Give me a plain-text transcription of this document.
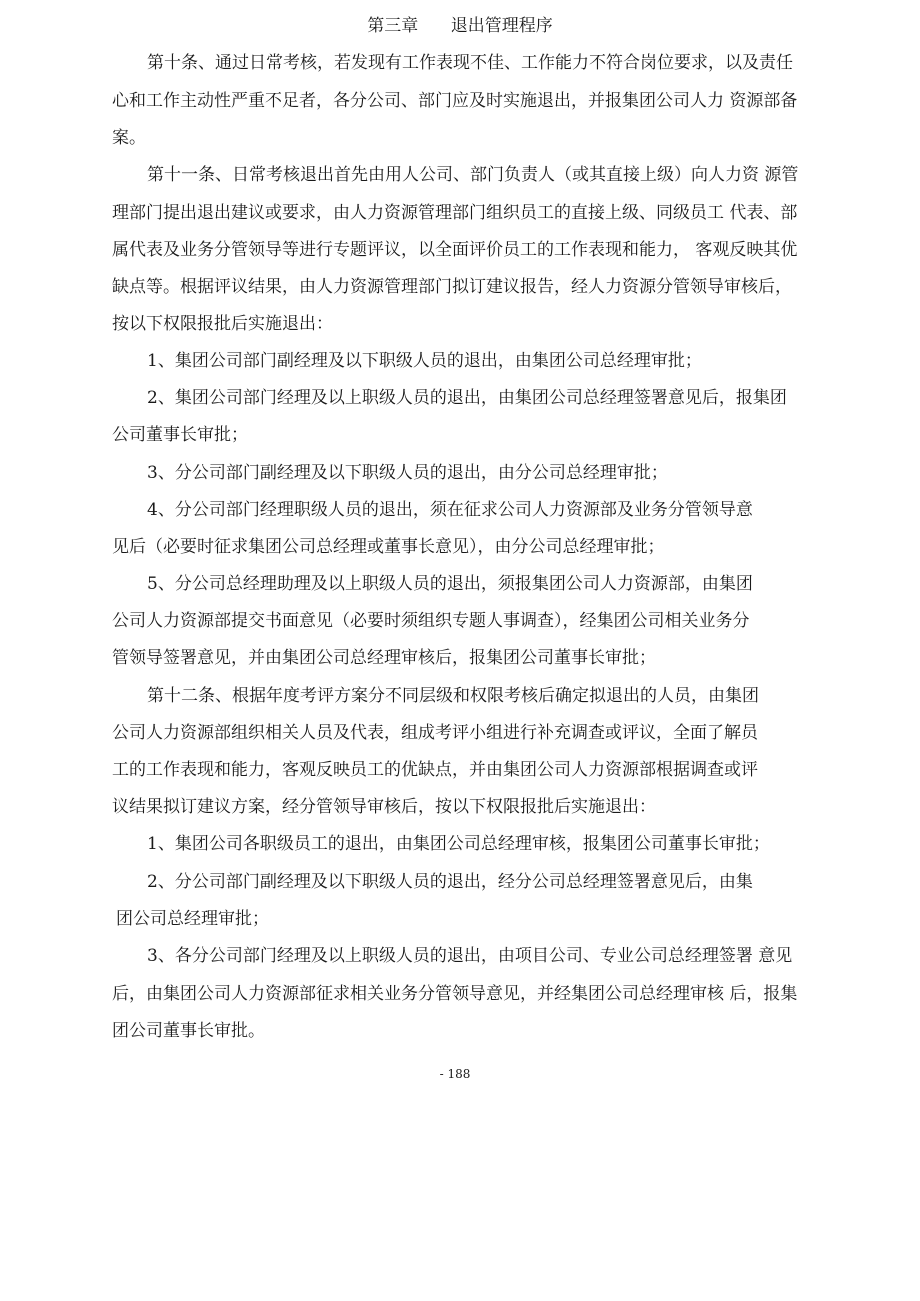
第三章      退出管理程序
第十条、通过日常考核，若发现有工作表现不佳、工作能力不符合岗位要求，以及责任
心和工作主动性严重不足者，各分公司、部门应及时实施退出，并报集团公司人力 资源部备
案。
第十一条、日常考核退出首先由用人公司、部门负责人（或其直接上级）向人力资 源管
理部门提出退出建议或要求，由人力资源管理部门组织员工的直接上级、同级员工 代表、部
属代表及业务分管领导等进行专题评议，以全面评价员工的工作表现和能力， 客观反映其优
缺点等。根据评议结果，由人力资源管理部门拟订建议报告，经人力资源分管领导审核后，
按以下权限报批后实施退出：
1、集团公司部门副经理及以下职级人员的退出，由集团公司总经理审批；
2、集团公司部门经理及以上职级人员的退出，由集团公司总经理签署意见后，报集团
公司董事长审批；
3、分公司部门副经理及以下职级人员的退出，由分公司总经理审批；
4、分公司部门经理职级人员的退出，须在征求公司人力资源部及业务分管领导意
见后（必要时征求集团公司总经理或董事长意见），由分公司总经理审批；
5、分公司总经理助理及以上职级人员的退出，须报集团公司人力资源部，由集团
公司人力资源部提交书面意见（必要时须组织专题人事调查），经集团公司相关业务分
管领导签署意见，并由集团公司总经理审核后，报集团公司董事长审批；
第十二条、根据年度考评方案分不同层级和权限考核后确定拟退出的人员，由集团
公司人力资源部组织相关人员及代表，组成考评小组进行补充调查或评议，全面了解员
工的工作表现和能力，客观反映员工的优缺点，并由集团公司人力资源部根据调查或评
议结果拟订建议方案，经分管领导审核后，按以下权限报批后实施退出：
1、集团公司各职级员工的退出，由集团公司总经理审核，报集团公司董事长审批；
2、分公司部门副经理及以下职级人员的退出，经分公司总经理签署意见后，由集
团公司总经理审批；
3、各分公司部门经理及以上职级人员的退出，由项目公司、专业公司总经理签署 意见
后，由集团公司人力资源部征求相关业务分管领导意见，并经集团公司总经理审核 后，报集
团公司董事长审批。
- 188
